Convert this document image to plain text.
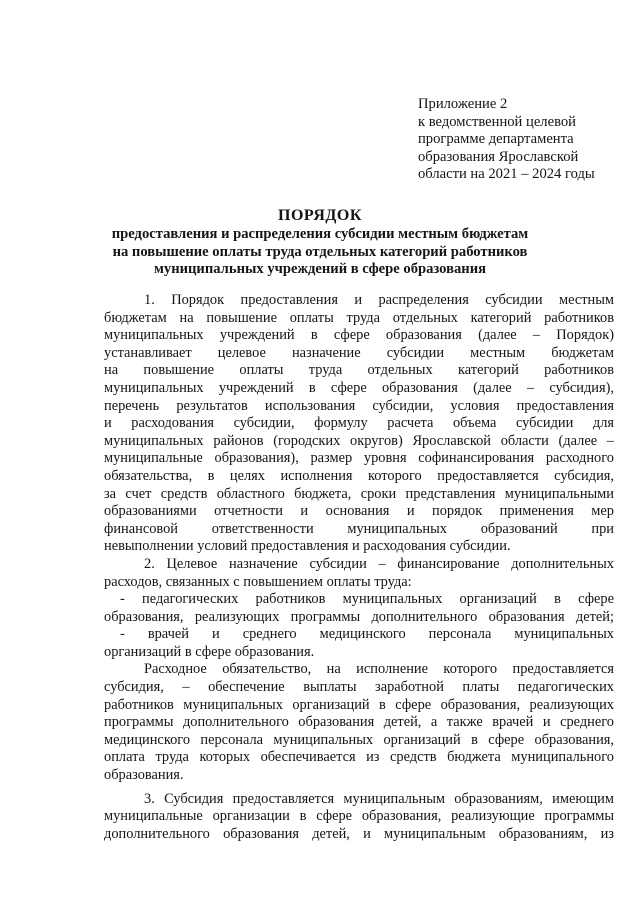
Приложение 2
к ведомственной целевой
программе департамента
образования Ярославской
области на 2021 – 2024 годы
ПОРЯДОК
предоставления и распределения субсидии местным бюджетам
на повышение оплаты труда отдельных категорий работников
муниципальных учреждений в сфере образования
1. Порядок предоставления и распределения субсидии местным
бюджетам на повышение оплаты труда отдельных категорий работников
муниципальных учреждений в сфере образования (далее – Порядок)
устанавливает целевое назначение субсидии местным бюджетам
на повышение оплаты труда отдельных категорий работников
муниципальных учреждений в сфере образования (далее – субсидия),
перечень результатов использования субсидии, условия предоставления
и расходования субсидии, формулу расчета объема субсидии для
муниципальных районов (городских округов) Ярославской области (далее –
муниципальные образования), размер уровня софинансирования расходного
обязательства, в целях исполнения которого предоставляется субсидия,
за счет средств областного бюджета, сроки представления муниципальными
образованиями отчетности и основания и порядок применения мер
финансовой ответственности муниципальных образований при
невыполнении условий предоставления и расходования субсидии.
2. Целевое назначение субсидии – финансирование дополнительных
расходов, связанных с повышением оплаты труда:
- педагогических работников муниципальных организаций в сфере
образования, реализующих программы дополнительного образования детей;
- врачей и среднего медицинского персонала муниципальных
организаций в сфере образования.
Расходное обязательство, на исполнение которого предоставляется
субсидия, – обеспечение выплаты заработной платы педагогических
работников муниципальных организаций в сфере образования, реализующих
программы дополнительного образования детей, а также врачей и среднего
медицинского персонала муниципальных организаций в сфере образования,
оплата труда которых обеспечивается из средств бюджета муниципального
образования.
3. Субсидия предоставляется муниципальным образованиям, имеющим
муниципальные организации в сфере образования, реализующие программы
дополнительного образования детей, и муниципальным образованиям, из
